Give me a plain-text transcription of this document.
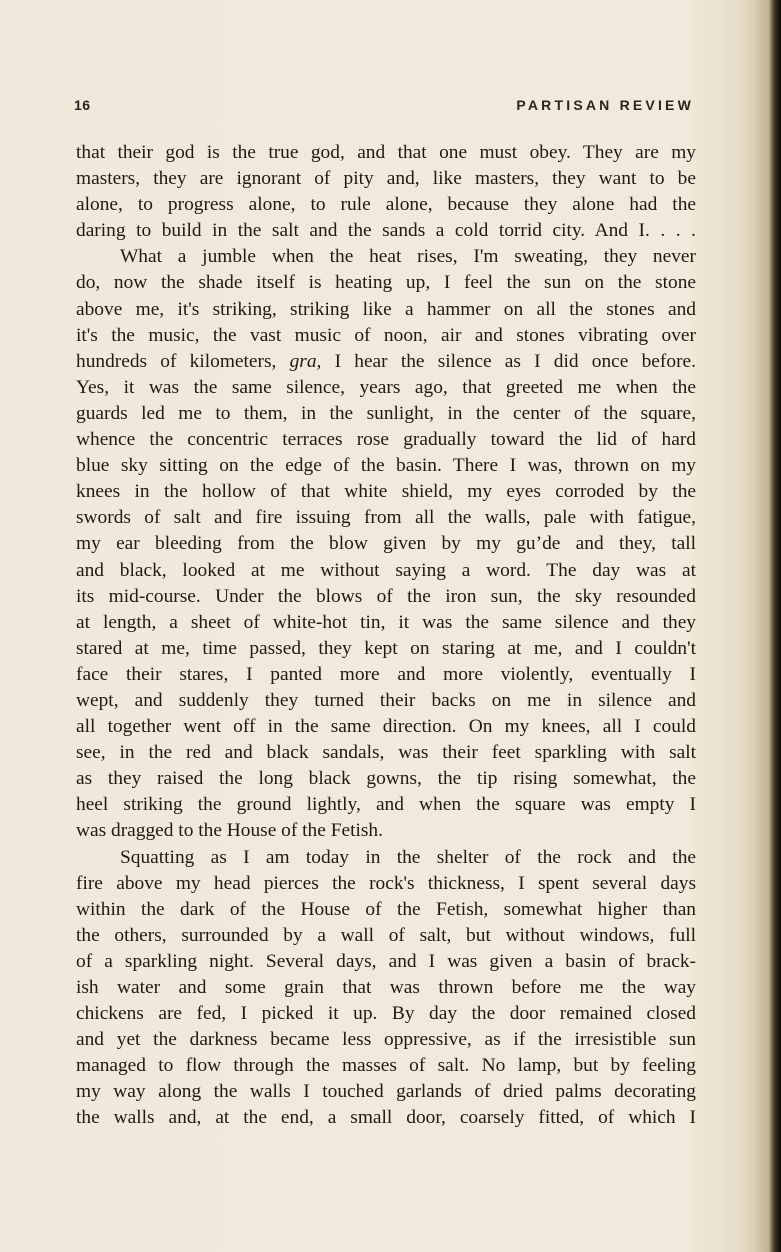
16	PARTISAN REVIEW
that their god is the true god, and that one must obey. They are my
masters, they are ignorant of pity and, like masters, they want to be
alone, to progress alone, to rule alone, because they alone had the
daring to build in the salt and the sands a cold torrid city. And I. . . .
What a jumble when the heat rises, I'm sweating, they never
do, now the shade itself is heating up, I feel the sun on the stone
above me, it's striking, striking like a hammer on all the stones and
it's the music, the vast music of noon, air and stones vibrating over
hundreds of kilometers, gra, I hear the silence as I did once before.
Yes, it was the same silence, years ago, that greeted me when the
guards led me to them, in the sunlight, in the center of the square,
whence the concentric terraces rose gradually toward the lid of hard
blue sky sitting on the edge of the basin. There I was, thrown on my
knees in the hollow of that white shield, my eyes corroded by the
swords of salt and fire issuing from all the walls, pale with fatigue,
my ear bleeding from the blow given by my gu’de and they, tall
and black, looked at me without saying a word. The day was at
its mid-course. Under the blows of the iron sun, the sky resounded
at length, a sheet of white-hot tin, it was the same silence and they
stared at me, time passed, they kept on staring at me, and I couldn't
face their stares, I panted more and more violently, eventually I
wept, and suddenly they turned their backs on me in silence and
all together went off in the same direction. On my knees, all I could
see, in the red and black sandals, was their feet sparkling with salt
as they raised the long black gowns, the tip rising somewhat, the
heel striking the ground lightly, and when the square was empty I
was dragged to the House of the Fetish.
Squatting as I am today in the shelter of the rock and the
fire above my head pierces the rock's thickness, I spent several days
within the dark of the House of the Fetish, somewhat higher than
the others, surrounded by a wall of salt, but without windows, full
of a sparkling night. Several days, and I was given a basin of brack-
ish water and some grain that was thrown before me the way
chickens are fed, I picked it up. By day the door remained closed
and yet the darkness became less oppressive, as if the irresistible sun
managed to flow through the masses of salt. No lamp, but by feeling
my way along the walls I touched garlands of dried palms decorating
the walls and, at the end, a small door, coarsely fitted, of which I
